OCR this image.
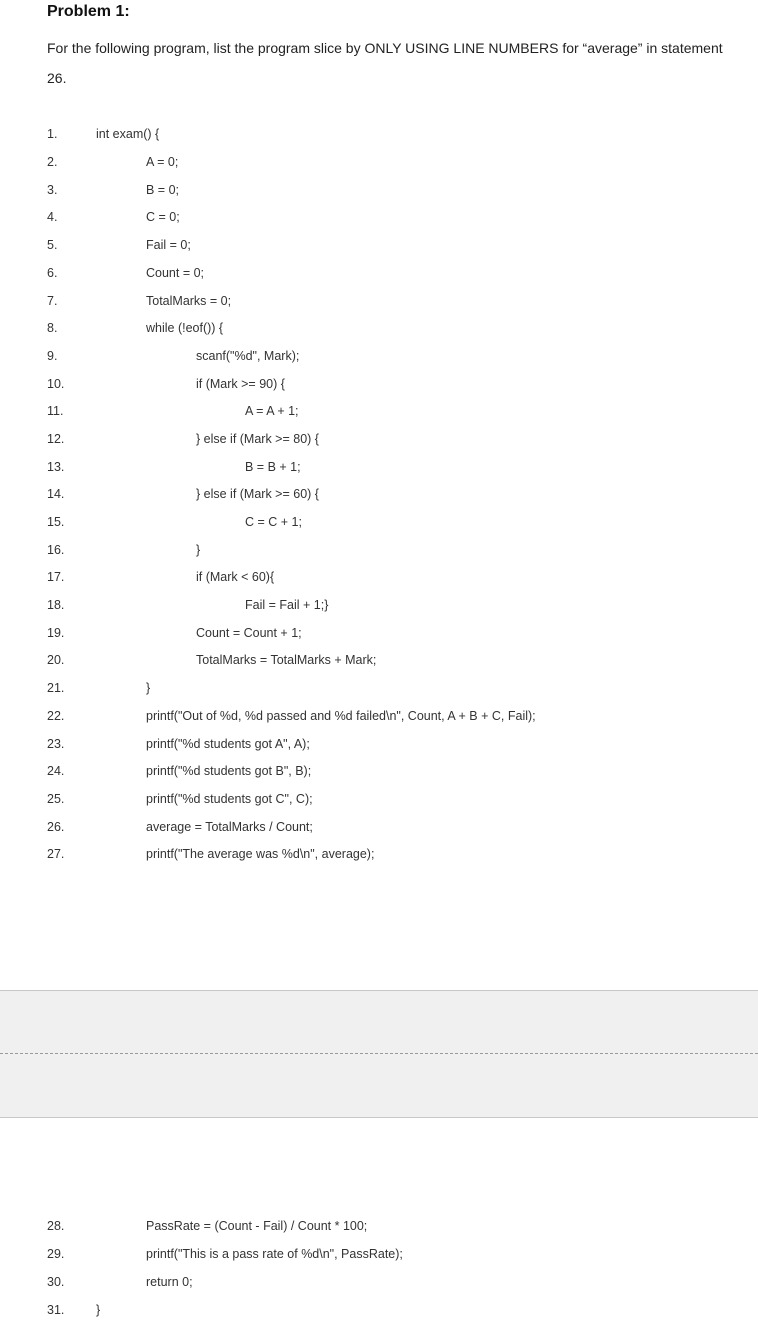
Problem 1:
For the following program, list the program slice by ONLY USING LINE NUMBERS for “average” in statement 26.
1.	int exam() {
2.	A = 0;
3.	B = 0;
4.	C = 0;
5.	Fail = 0;
6.	Count = 0;
7.	TotalMarks = 0;
8.	while (!eof()) {
9.	scanf("%d", Mark);
10.	if (Mark >= 90) {
11.	A = A + 1;
12.	} else if (Mark >= 80) {
13.	B = B + 1;
14.	} else if (Mark >= 60) {
15.	C = C + 1;
16.	}
17.	if (Mark < 60){
18.	Fail = Fail + 1;}
19.	Count = Count + 1;
20.	TotalMarks = TotalMarks + Mark;
21.	}
22.	printf("Out of %d, %d passed and %d failed\n", Count, A + B + C, Fail);
23.	printf("%d students got A", A);
24.	printf("%d students got B", B);
25.	printf("%d students got C", C);
26.	average = TotalMarks / Count;
27.	printf("The average was %d\n", average);
28.	PassRate = (Count - Fail) / Count * 100;
29.	printf("This is a pass rate of %d\n", PassRate);
30.	return 0;
31.	}
